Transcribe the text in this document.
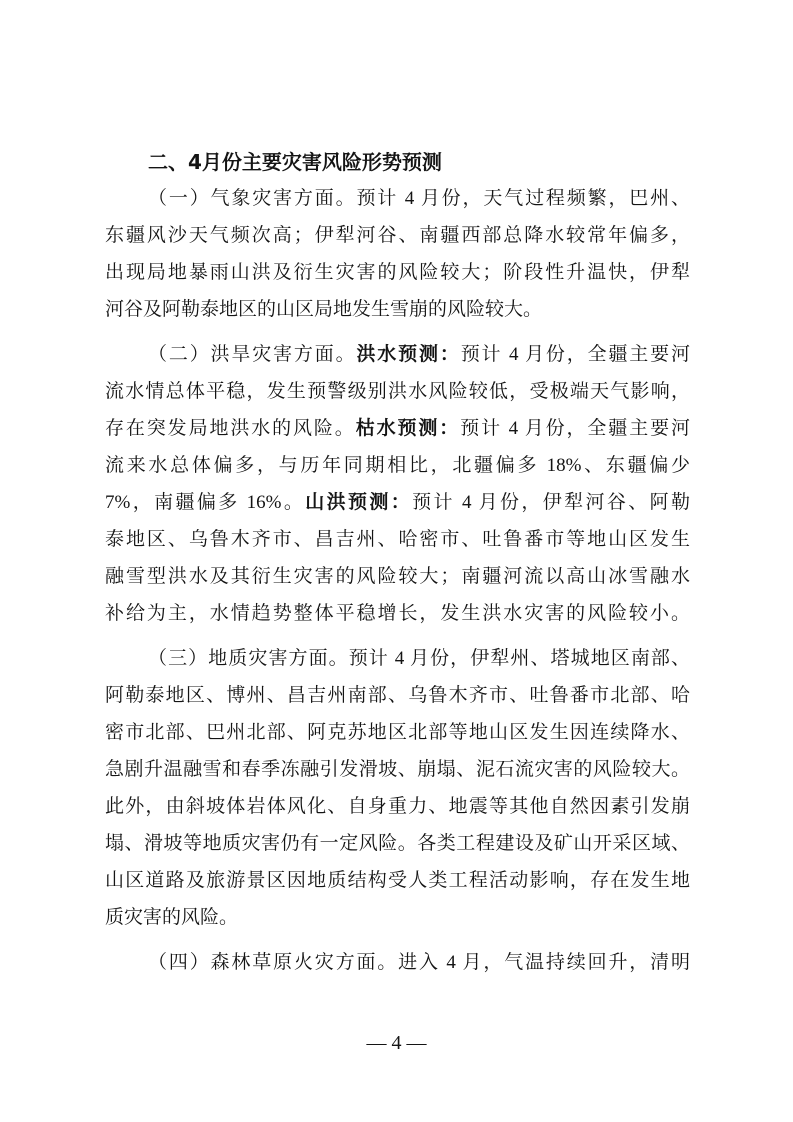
二、4月份主要灾害风险形势预测
（一）气象灾害方面。预计 4 月份，天气过程频繁，巴州、
东疆风沙天气频次高；伊犁河谷、南疆西部总降水较常年偏多，
出现局地暴雨山洪及衍生灾害的风险较大；阶段性升温快，伊犁
河谷及阿勒泰地区的山区局地发生雪崩的风险较大。
（二）洪旱灾害方面。洪水预测：预计 4 月份，全疆主要河
流水情总体平稳，发生预警级别洪水风险较低，受极端天气影响，
存在突发局地洪水的风险。枯水预测：预计 4 月份，全疆主要河
流来水总体偏多，与历年同期相比，北疆偏多 18%、东疆偏少
7%，南疆偏多 16%。山洪预测：预计 4 月份，伊犁河谷、阿勒
泰地区、乌鲁木齐市、昌吉州、哈密市、吐鲁番市等地山区发生
融雪型洪水及其衍生灾害的风险较大；南疆河流以高山冰雪融水
补给为主，水情趋势整体平稳增长，发生洪水灾害的风险较小。
（三）地质灾害方面。预计 4 月份，伊犁州、塔城地区南部、
阿勒泰地区、博州、昌吉州南部、乌鲁木齐市、吐鲁番市北部、哈
密市北部、巴州北部、阿克苏地区北部等地山区发生因连续降水、
急剧升温融雪和春季冻融引发滑坡、崩塌、泥石流灾害的风险较大。
此外，由斜坡体岩体风化、自身重力、地震等其他自然因素引发崩
塌、滑坡等地质灾害仍有一定风险。各类工程建设及矿山开采区域、
山区道路及旅游景区因地质结构受人类工程活动影响，存在发生地
质灾害的风险。
（四）森林草原火灾方面。进入 4 月，气温持续回升，清明
— 4 —
